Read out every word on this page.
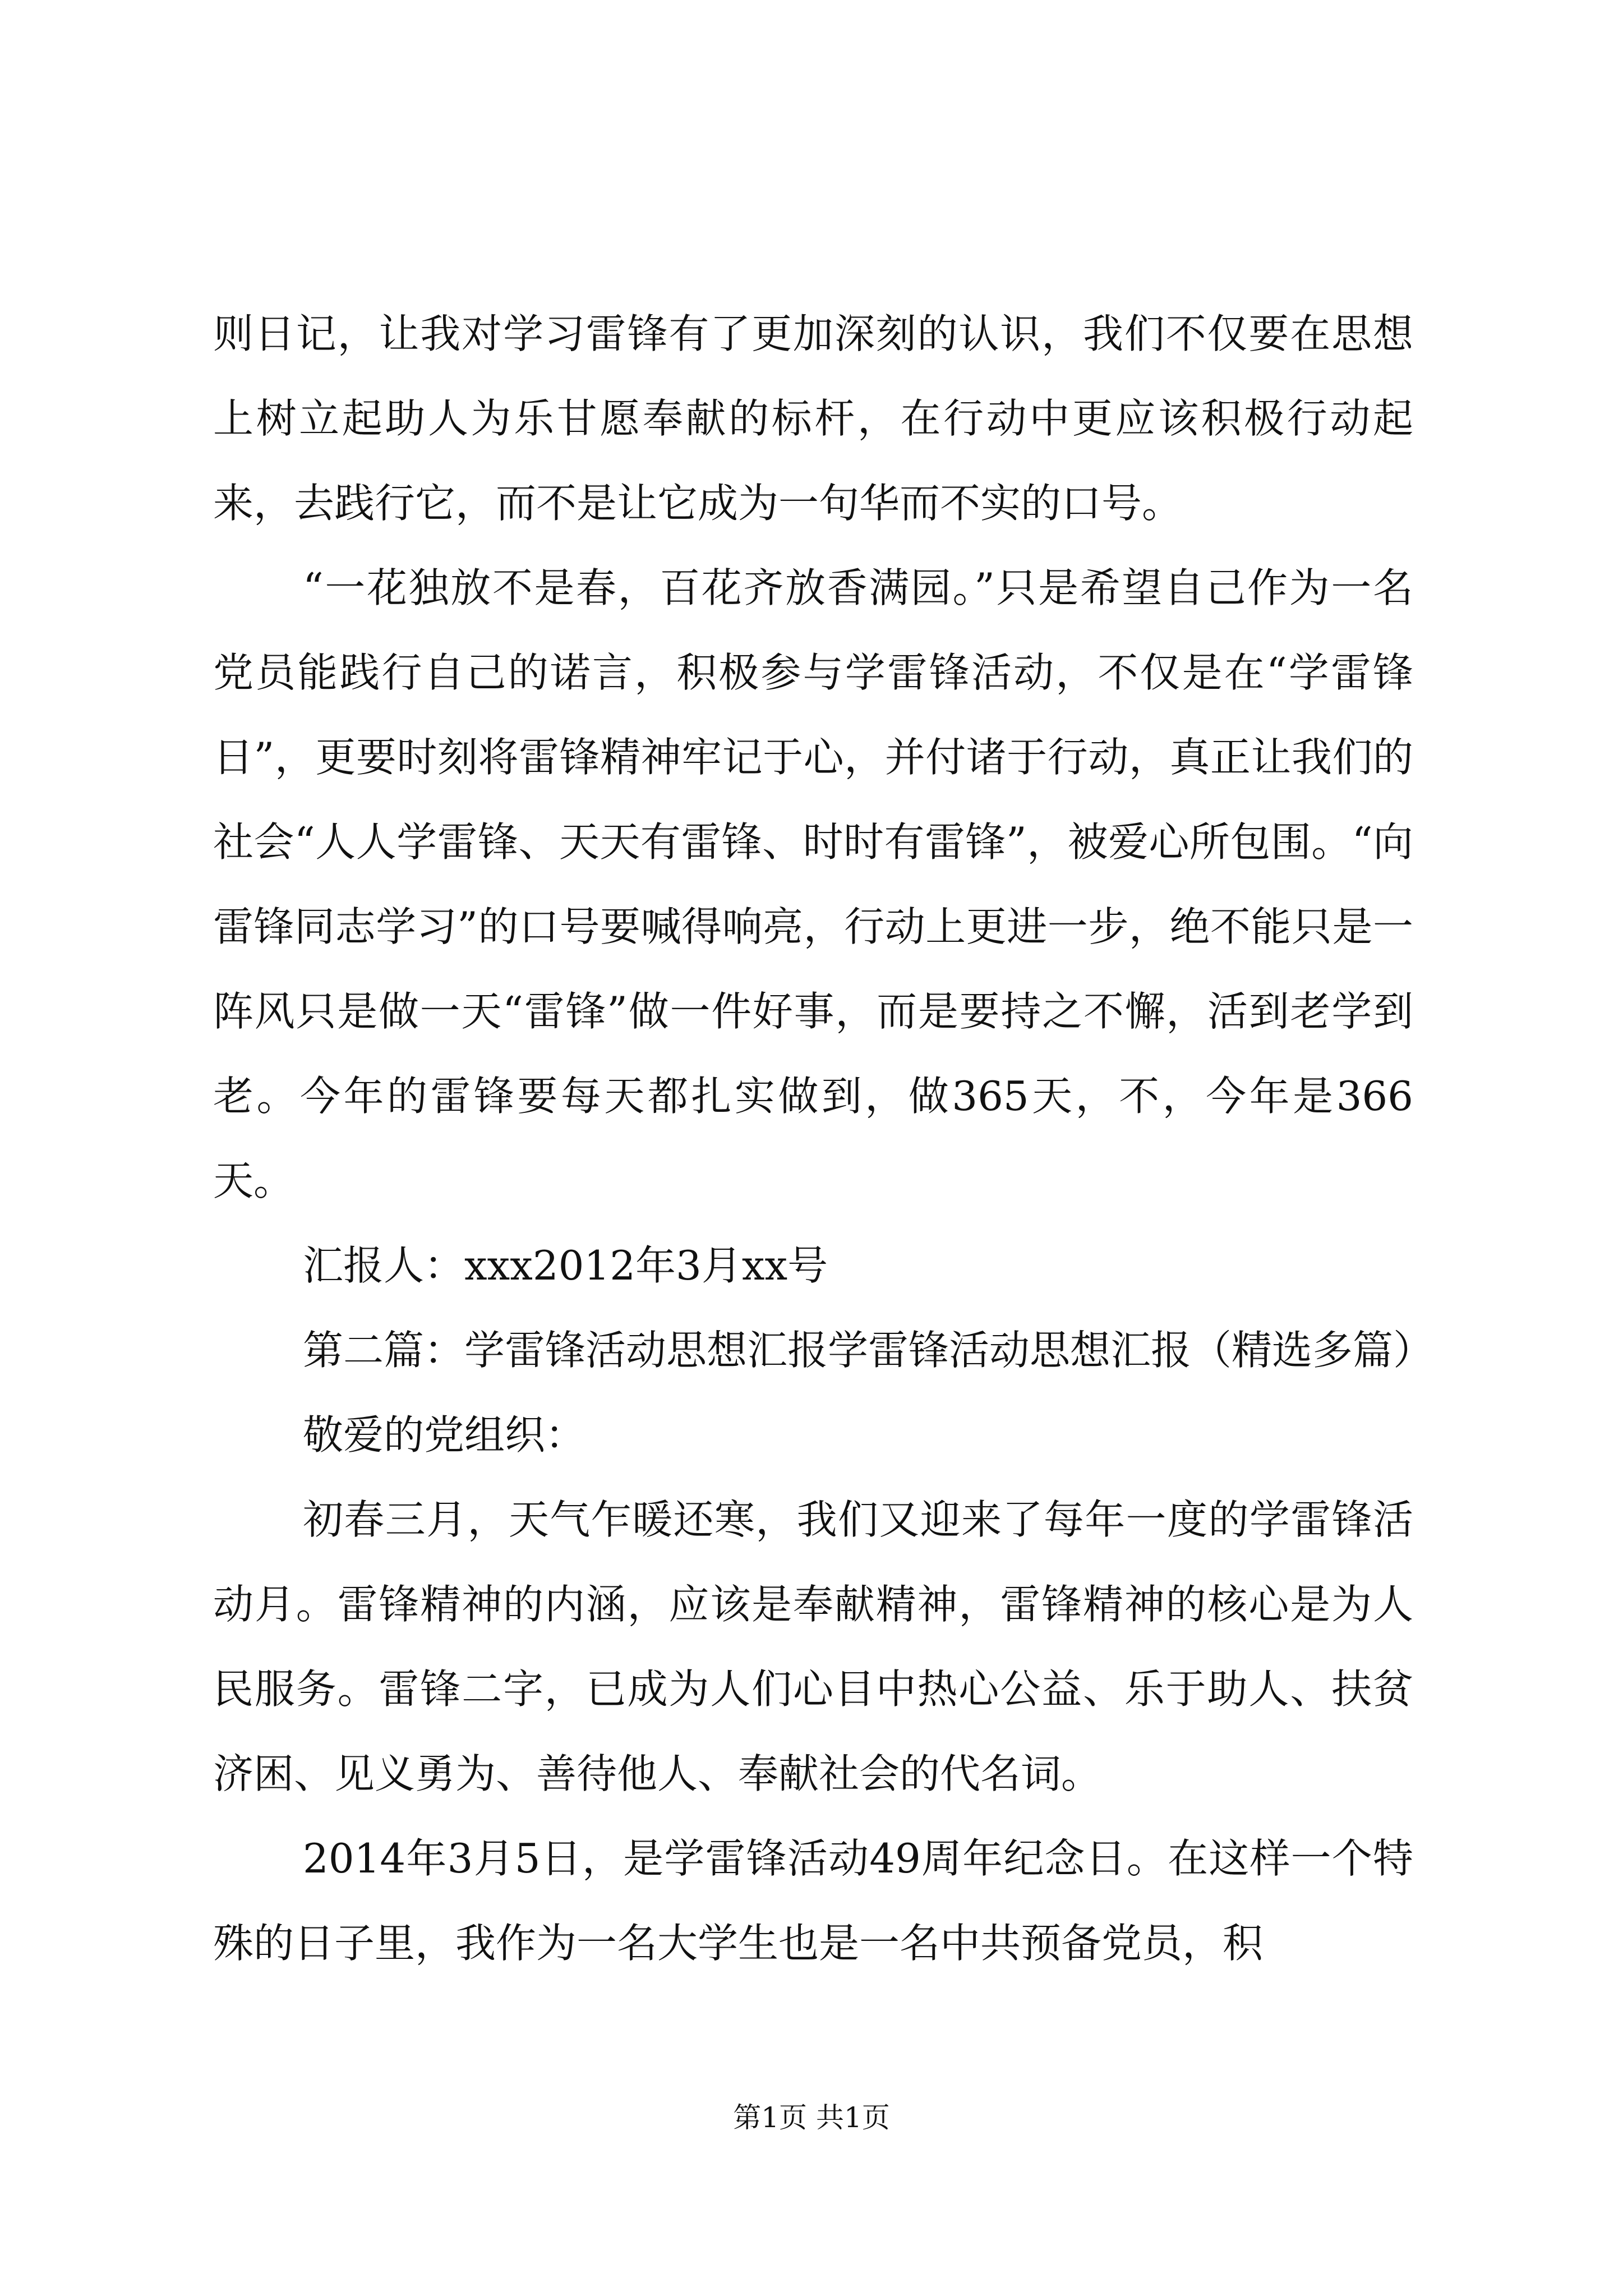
则日记，让我对学习雷锋有了更加深刻的认识，我们不仅要在思想上树立起助人为乐甘愿奉献的标杆，在行动中更应该积极行动起来，去践行它，而不是让它成为一句华而不实的口号。

“一花独放不是春，百花齐放香满园。”只是希望自己作为一名党员能践行自己的诺言，积极参与学雷锋活动，不仅是在“学雷锋日”，更要时刻将雷锋精神牢记于心，并付诸于行动，真正让我们的社会“人人学雷锋、天天有雷锋、时时有雷锋”，被爱心所包围。“向雷锋同志学习”的口号要喊得响亮，行动上更进一步，绝不能只是一阵风只是做一天“雷锋”做一件好事，而是要持之不懈，活到老学到老。今年的雷锋要每天都扎实做到，做365天，不，今年是366天。

汇报人：xxx2012年3月xx号

第二篇：学雷锋活动思想汇报学雷锋活动思想汇报（精选多篇）

敬爱的党组织：

初春三月，天气乍暖还寒，我们又迎来了每年一度的学雷锋活动月。雷锋精神的内涵，应该是奉献精神，雷锋精神的核心是为人民服务。雷锋二字，已成为人们心目中热心公益、乐于助人、扶贫济困、见义勇为、善待他人、奉献社会的代名词。

2014年3月5日，是学雷锋活动49周年纪念日。在这样一个特殊的日子里，我作为一名大学生也是一名中共预备党员，积

第1页 共1页
